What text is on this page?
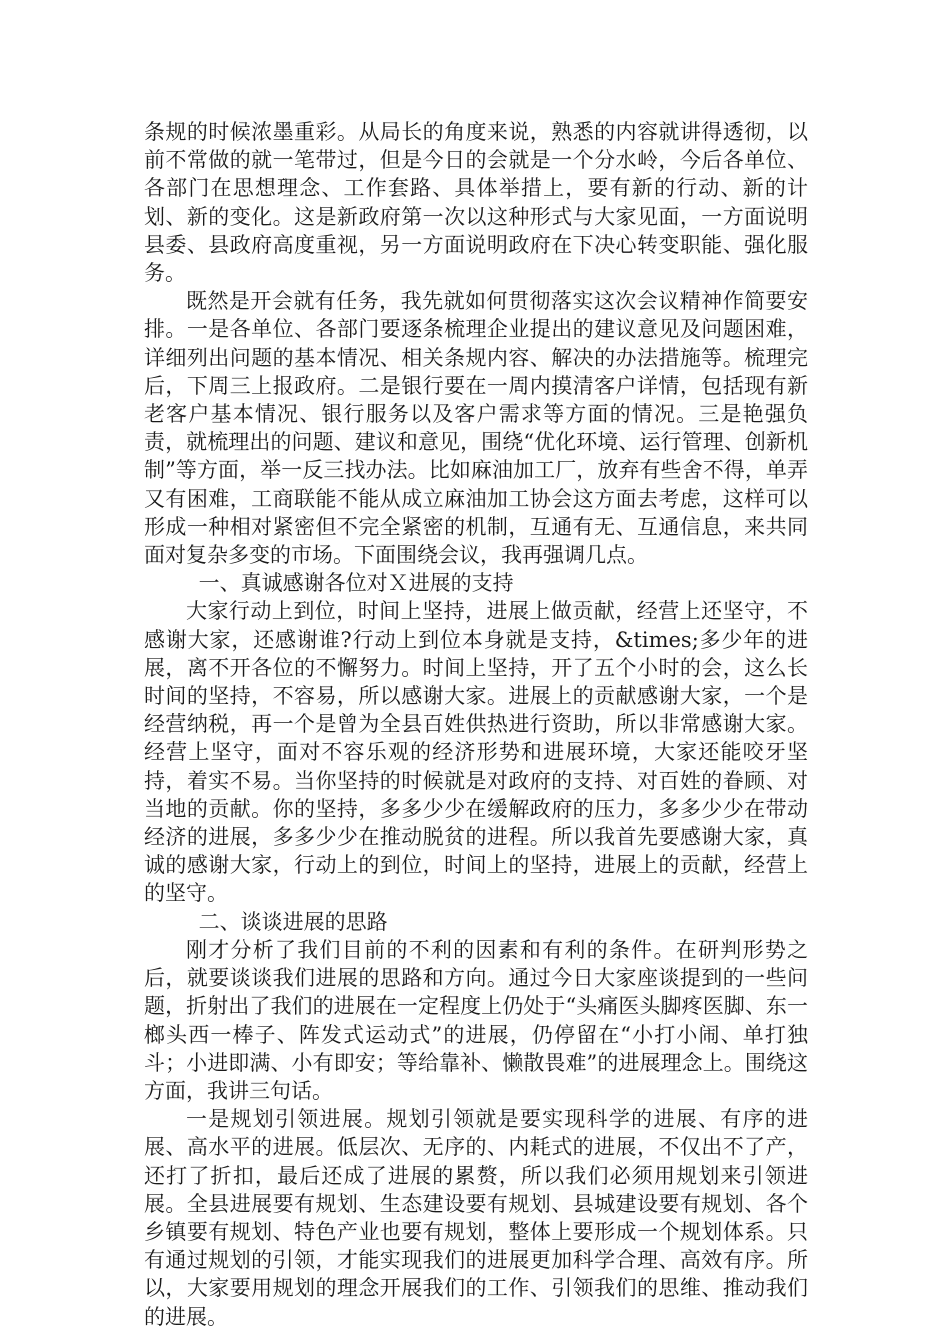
条规的时候浓墨重彩。从局长的角度来说，熟悉的内容就讲得透彻，以前不常做的就一笔带过，但是今日的会就是一个分水岭，今后各单位、各部门在思想理念、工作套路、具体举措上，要有新的行动、新的计划、新的变化。这是新政府第一次以这种形式与大家见面，一方面说明县委、县政府高度重视，另一方面说明政府在下决心转变职能、强化服务。

既然是开会就有任务，我先就如何贯彻落实这次会议精神作简要安排。一是各单位、各部门要逐条梳理企业提出的建议意见及问题困难，详细列出问题的基本情况、相关条规内容、解决的办法措施等。梳理完后，下周三上报政府。二是银行要在一周内摸清客户详情，包括现有新老客户基本情况、银行服务以及客户需求等方面的情况。三是艳强负责，就梳理出的问题、建议和意见，围绕“优化环境、运行管理、创新机制”等方面，举一反三找办法。比如麻油加工厂，放弃有些舍不得，单弄又有困难，工商联能不能从成立麻油加工协会这方面去考虑，这样可以形成一种相对紧密但不完全紧密的机制，互通有无、互通信息，来共同面对复杂多变的市场。下面围绕会议，我再强调几点。

一、真诚感谢各位对Ｘ进展的支持

大家行动上到位，时间上坚持，进展上做贡献，经营上还坚守，不感谢大家，还感谢谁?行动上到位本身就是支持，&times;多少年的进展，离不开各位的不懈努力。时间上坚持，开了五个小时的会，这么长时间的坚持，不容易，所以感谢大家。进展上的贡献感谢大家，一个是经营纳税，再一个是曾为全县百姓供热进行资助，所以非常感谢大家。经营上坚守，面对不容乐观的经济形势和进展环境，大家还能咬牙坚持，着实不易。当你坚持的时候就是对政府的支持、对百姓的眷顾、对当地的贡献。你的坚持，多多少少在缓解政府的压力，多多少少在带动经济的进展，多多少少在推动脱贫的进程。所以我首先要感谢大家，真诚的感谢大家，行动上的到位，时间上的坚持，进展上的贡献，经营上的坚守。

二、谈谈进展的思路

刚才分析了我们目前的不利的因素和有利的条件。在研判形势之后，就要谈谈我们进展的思路和方向。通过今日大家座谈提到的一些问题，折射出了我们的进展在一定程度上仍处于“头痛医头脚疼医脚、东一榔头西一棒子、阵发式运动式”的进展，仍停留在“小打小闹、单打独斗；小进即满、小有即安；等给靠补、懒散畏难”的进展理念上。围绕这方面，我讲三句话。

一是规划引领进展。规划引领就是要实现科学的进展、有序的进展、高水平的进展。低层次、无序的、内耗式的进展，不仅出不了产，还打了折扣，最后还成了进展的累赘，所以我们必须用规划来引领进展。全县进展要有规划、生态建设要有规划、县城建设要有规划、各个乡镇要有规划、特色产业也要有规划，整体上要形成一个规划体系。只有通过规划的引领，才能实现我们的进展更加科学合理、高效有序。所以，大家要用规划的理念开展我们的工作、引领我们的思维、推动我们的进展。
